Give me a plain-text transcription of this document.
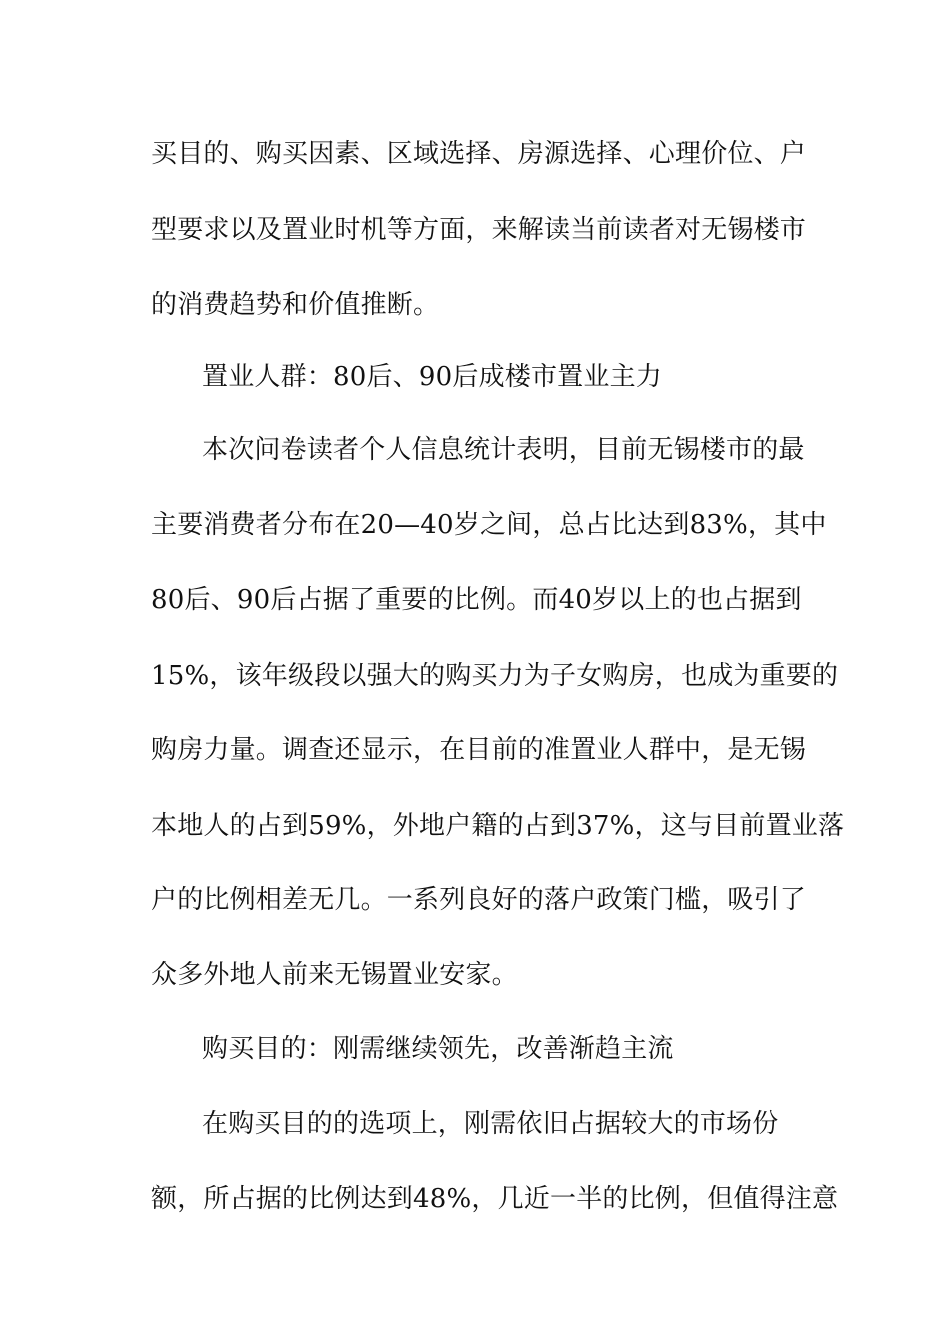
买目的、购买因素、区域选择、房源选择、心理价位、户
型要求以及置业时机等方面，来解读当前读者对无锡楼市
的消费趋势和价值推断。
置业人群：80后、90后成楼市置业主力
本次问卷读者个人信息统计表明，目前无锡楼市的最
主要消费者分布在20—40岁之间，总占比达到83%，其中
80后、90后占据了重要的比例。而40岁以上的也占据到
15%，该年级段以强大的购买力为子女购房，也成为重要的
购房力量。调查还显示，在目前的准置业人群中，是无锡
本地人的占到59%，外地户籍的占到37%，这与目前置业落
户的比例相差无几。一系列良好的落户政策门槛，吸引了
众多外地人前来无锡置业安家。
购买目的：刚需继续领先，改善渐趋主流
在购买目的的选项上，刚需依旧占据较大的市场份
额，所占据的比例达到48%，几近一半的比例，但值得注意
